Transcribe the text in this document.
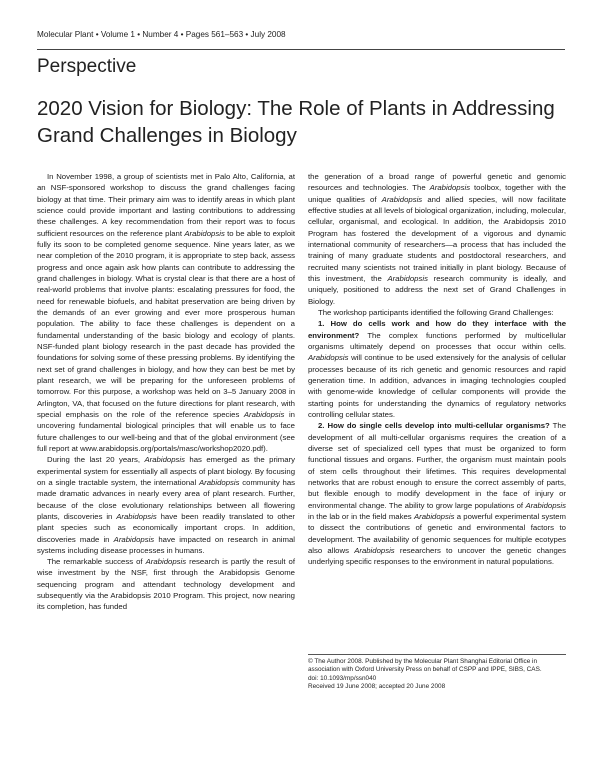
Molecular Plant • Volume 1 • Number 4 • Pages 561–563 • July 2008
Perspective
2020 Vision for Biology: The Role of Plants in Addressing Grand Challenges in Biology

In November 1998, a group of scientists met in Palo Alto, California, at an NSF-sponsored workshop to discuss the grand challenges facing biology at that time. Their primary aim was to identify areas in which plant science could provide important and lasting contributions to addressing these challenges. A key recommendation from their report was to focus sufficient resources on the reference plant Arabidopsis to be able to exploit fully its soon to be completed genome sequence. Nine years later, as we near completion of the 2010 program, it is appropriate to step back, assess progress and once again ask how plants can contribute to addressing the grand challenges in biology. What is crystal clear is that there are a host of real-world problems that involve plants: escalating pressures for food, the need for renewable biofuels, and habitat preservation are being driven by the demands of an ever growing and ever more prosperous human population. The ability to face these challenges is dependent on a fundamental understanding of the basic biology and ecology of plants. NSF-funded plant biology research in the past decade has provided the foundations for solving some of these pressing problems. By identifying the next set of grand challenges in biology, and how they can best be met by plant research, we will be preparing for the unforeseen problems of tomorrow. For this purpose, a workshop was held on 3–5 January 2008 in Arlington, VA, that focused on the future directions for plant research, with special emphasis on the role of the reference species Arabidopsis in uncovering fundamental biological principles that will enable us to face future challenges to our well-being and that of the global environment (see full report at www.arabidopsis.org/portals/masc/workshop2020.pdf).

During the last 20 years, Arabidopsis has emerged as the primary experimental system for essentially all aspects of plant biology. By focusing on a single tractable system, the international Arabidopsis community has made dramatic advances in nearly every area of plant research. Further, because of the close evolutionary relationships between all flowering plants, discoveries in Arabidopsis have been readily translated to other plant species such as economically important crops. In addition, discoveries made in Arabidopsis have impacted on research in animal systems including disease processes in humans.

The remarkable success of Arabidopsis research is partly the result of wise investment by the NSF, first through the Arabidopsis Genome sequencing program and attendant technology development and subsequently via the Arabidopsis 2010 Program. This project, now nearing its completion, has funded

the generation of a broad range of powerful genetic and genomic resources and technologies. The Arabidopsis toolbox, together with the unique qualities of Arabidopsis and allied species, will now facilitate effective studies at all levels of biological organization, including, molecular, cellular, organismal, and ecological. In addition, the Arabidopsis 2010 Program has fostered the development of a vigorous and dynamic international community of researchers—a process that has included the training of many graduate students and postdoctoral researchers, and recruited many scientists not trained initially in plant biology. Because of this investment, the Arabidopsis research community is ideally, and uniquely, positioned to address the next set of Grand Challenges in Biology.

The workshop participants identified the following Grand Challenges:

1. How do cells work and how do they interface with the environment? The complex functions performed by multicellular organisms ultimately depend on processes that occur within cells. Arabidopsis will continue to be used extensively for the analysis of cellular processes because of its rich genetic and genomic resources and rapid generation time. In addition, advances in imaging technologies coupled with genome-wide knowledge of cellular components will provide the starting points for understanding the dynamics of regulatory networks controlling cellular states.

2. How do single cells develop into multi-cellular organisms? The development of all multi-cellular organisms requires the creation of a diverse set of specialized cell types that must be organized to form functional tissues and organs. Further, the organism must maintain pools of stem cells throughout their lifetimes. This requires developmental networks that are robust enough to ensure the correct assembly of parts, but flexible enough to modify development in the face of injury or environmental change. The ability to grow large populations of Arabidopsis in the lab or in the field makes Arabidopsis a powerful experimental system to dissect the contributions of genetic and environmental factors to development. The availability of genomic sequences for multiple ecotypes also allows Arabidopsis researchers to uncover the genetic changes underlying specific responses to the environment in natural populations.

© The Author 2008. Published by the Molecular Plant Shanghai Editorial Office in association with Oxford University Press on behalf of CSPP and IPPE, SIBS, CAS.
doi: 10.1093/mp/ssn040
Received 19 June 2008; accepted 20 June 2008
